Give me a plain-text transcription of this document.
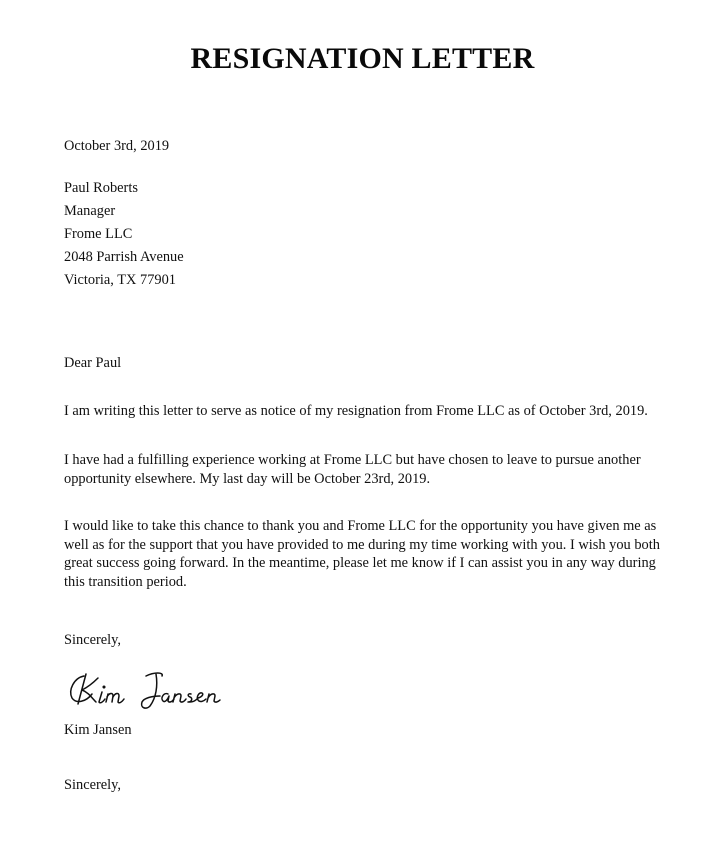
RESIGNATION LETTER
October 3rd, 2019
Paul Roberts
Manager
Frome LLC
2048 Parrish Avenue
Victoria, TX 77901
Dear Paul
I am writing this letter to serve as notice of my resignation from Frome LLC as of October 3rd, 2019.
I have had a fulfilling experience working at Frome LLC but have chosen to leave to pursue another opportunity elsewhere. My last day will be October 23rd, 2019.
I would like to take this chance to thank you and Frome LLC for the opportunity you have given me as well as for the support that you have provided to me during my time working with you. I wish you both great success going forward. In the meantime, please let me know if I can assist you in any way during this transition period.
Sincerely,
Kim Jansen
Sincerely,
